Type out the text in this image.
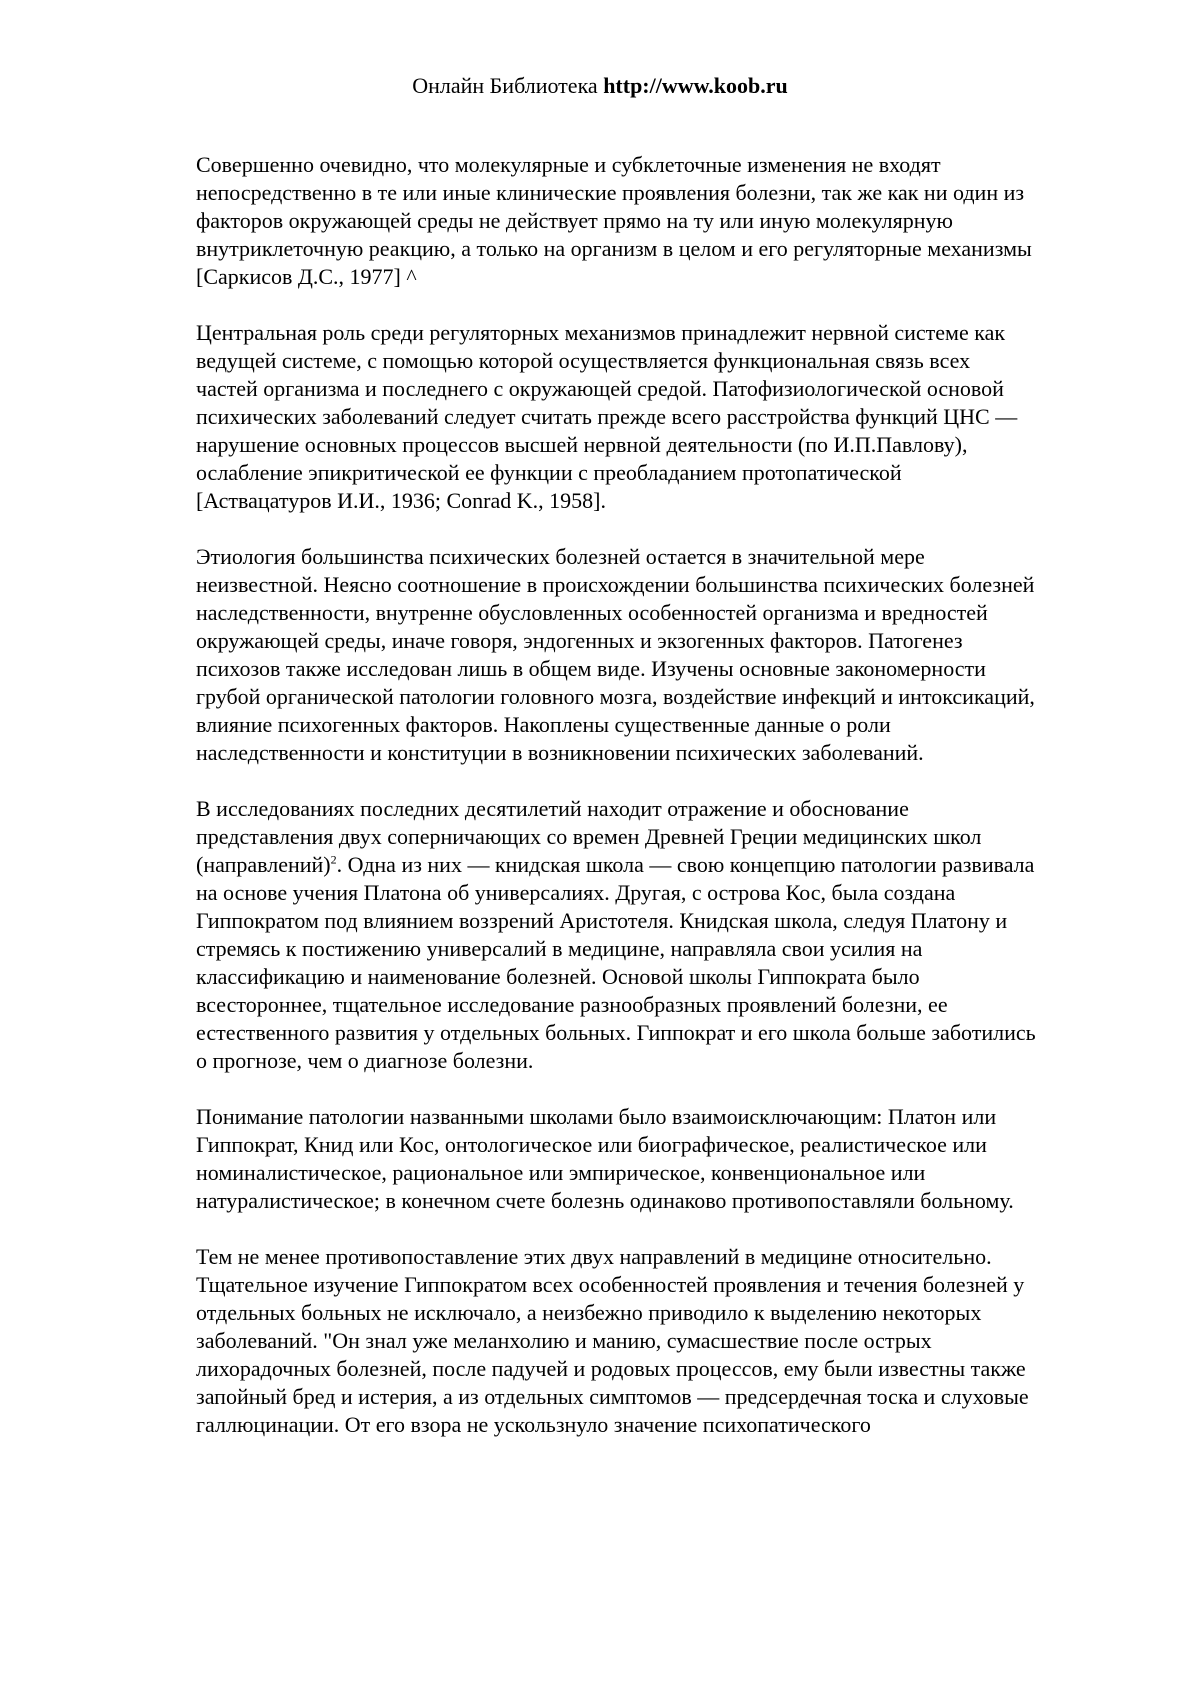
Онлайн Библиотека http://www.koob.ru

Совершенно очевидно, что молекулярные и субклеточные изменения не входят непосредственно в те или иные клинические проявления болезни, так же как ни один из факторов окружающей среды не действует прямо на ту или иную молекулярную внутриклеточную реакцию, а только на организм в целом и его регуляторные механизмы [Саркисов Д.С., 1977] ^

Центральная роль среди регуляторных механизмов принадлежит нервной системе как ведущей системе, с помощью которой осуществляется функциональная связь всех частей организма и последнего с окружающей средой. Патофизиологической основой психических заболеваний следует считать прежде всего расстройства функций ЦНС — нарушение основных процессов высшей нервной деятельности (по И.П.Павлову), ослабление эпикритической ее функции с преобладанием протопатической [Аствацатуров И.И., 1936; Conrad K., 1958].

Этиология большинства психических болезней остается в значительной мере неизвестной. Неясно соотношение в происхождении большинства психических болезней наследственности, внутренне обусловленных особенностей организма и вредностей окружающей среды, иначе говоря, эндогенных и экзогенных факторов. Патогенез психозов также исследован лишь в общем виде. Изучены основные закономерности грубой органической патологии головного мозга, воздействие инфекций и интоксикаций, влияние психогенных факторов. Накоплены существенные данные о роли наследственности и конституции в возникновении психических заболеваний.

В исследованиях последних десятилетий находит отражение и обоснование представления двух соперничающих со времен Древней Греции медицинских школ (направлений)$^2$. Одна из них — книдская школа — свою концепцию патологии развивала на основе учения Платона об универсалиях. Другая, с острова Кос, была создана Гиппократом под влиянием воззрений Аристотеля. Книдская школа, следуя Платону и стремясь к постижению универсалий в медицине, направляла свои усилия на классификацию и наименование болезней. Основой школы Гиппократа было всестороннее, тщательное исследование разнообразных проявлений болезни, ее естественного развития у отдельных больных. Гиппократ и его школа больше заботились о прогнозе, чем о диагнозе болезни.

Понимание патологии названными школами было взаимоисключающим: Платон или Гиппократ, Книд или Кос, онтологическое или биографическое, реалистическое или номиналистическое, рациональное или эмпирическое, конвенциональное или натуралистическое; в конечном счете болезнь одинаково противопоставляли больному.

Тем не менее противопоставление этих двух направлений в медицине относительно. Тщательное изучение Гиппократом всех особенностей проявления и течения болезней у отдельных больных не исключало, а неизбежно приводило к выделению некоторых заболеваний. "Он знал уже меланхолию и манию, сумасшествие после острых лихорадочных болезней, после падучей и родовых процессов, ему были известны также запойный бред и истерия, а из отдельных симптомов — предсердечная тоска и слуховые галлюцинации. От его взора не ускользнуло значение психопатического
